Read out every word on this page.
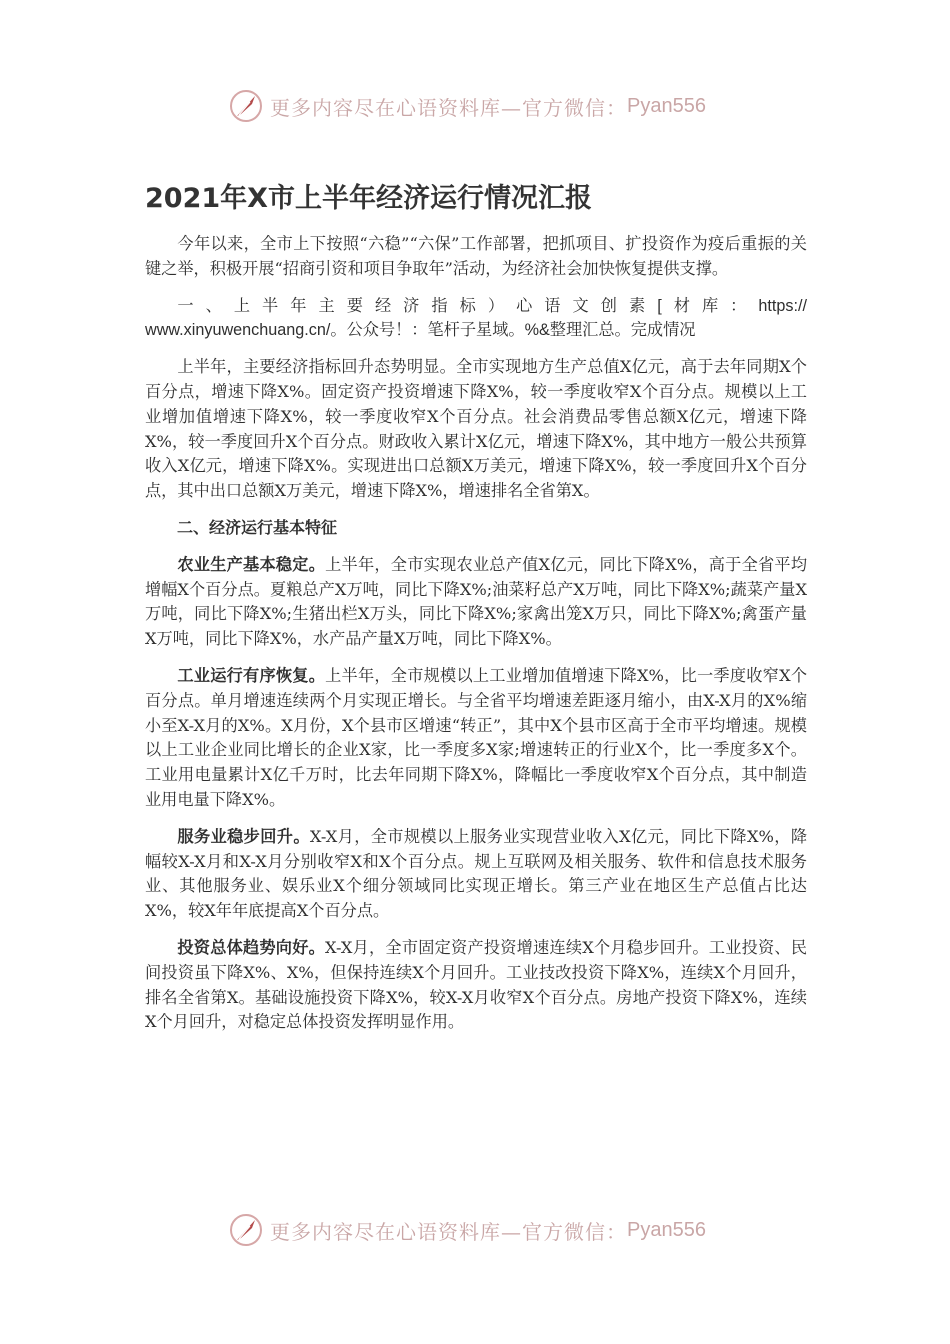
更多内容尽在心语资料库—官方微信： Pyan556
2021年X市上半年经济运行情况汇报

今年以来，全市上下按照“六稳”“六保”工作部署，把抓项目、扩投资作为疫后重振的关键之举，积极开展“招商引资和项目争取年”活动，为经济社会加快恢复提供支撑。

一、上半年主要经济指标）心语文创素[材库：https://

www.xinyuwenchuang.cn/。公众号！：笔杆子星域。%&整理汇总。完成情况

上半年，主要经济指标回升态势明显。全市实现地方生产总值X亿元，高于去年同期X个百分点，增速下降X%。固定资产投资增速下降X%，较一季度收窄X个百分点。规模以上工业增加值增速下降X%，较一季度收窄X个百分点。社会消费品零售总额X亿元，增速下降X%，较一季度回升X个百分点。财政收入累计X亿元，增速下降X%，其中地方一般公共预算收入X亿元，增速下降X%。实现进出口总额X万美元，增速下降X%，较一季度回升X个百分点，其中出口总额X万美元，增速下降X%，增速排名全省第X。

二、经济运行基本特征

农业生产基本稳定。上半年，全市实现农业总产值X亿元，同比下降X%，高于全省平均增幅X个百分点。夏粮总产X万吨，同比下降X%;油菜籽总产X万吨，同比下降X%;蔬菜产量X万吨，同比下降X%;生猪出栏X万头，同比下降X%;家禽出笼X万只，同比下降X%;禽蛋产量X万吨，同比下降X%，水产品产量X万吨，同比下降X%。

工业运行有序恢复。上半年，全市规模以上工业增加值增速下降X%，比一季度收窄X个百分点。单月增速连续两个月实现正增长。与全省平均增速差距逐月缩小，由X-X月的X%缩小至X-X月的X%。X月份，X个县市区增速“转正”，其中X个县市区高于全市平均增速。规模以上工业企业同比增长的企业X家，比一季度多X家;增速转正的行业X个，比一季度多X个。工业用电量累计X亿千万时，比去年同期下降X%，降幅比一季度收窄X个百分点，其中制造业用电量下降X%。

服务业稳步回升。X-X月，全市规模以上服务业实现营业收入X亿元，同比下降X%，降幅较X-X月和X-X月分别收窄X和X个百分点。规上互联网及相关服务、软件和信息技术服务业、其他服务业、娱乐业X个细分领域同比实现正增长。第三产业在地区生产总值占比达X%，较X年年底提高X个百分点。

投资总体趋势向好。X-X月，全市固定资产投资增速连续X个月稳步回升。工业投资、民间投资虽下降X%、X%，但保持连续X个月回升。工业技改投资下降X%，连续X个月回升，排名全省第X。基础设施投资下降X%，较X-X月收窄X个百分点。房地产投资下降X%，连续X个月回升，对稳定总体投资发挥明显作用。

更多内容尽在心语资料库—官方微信： Pyan556
